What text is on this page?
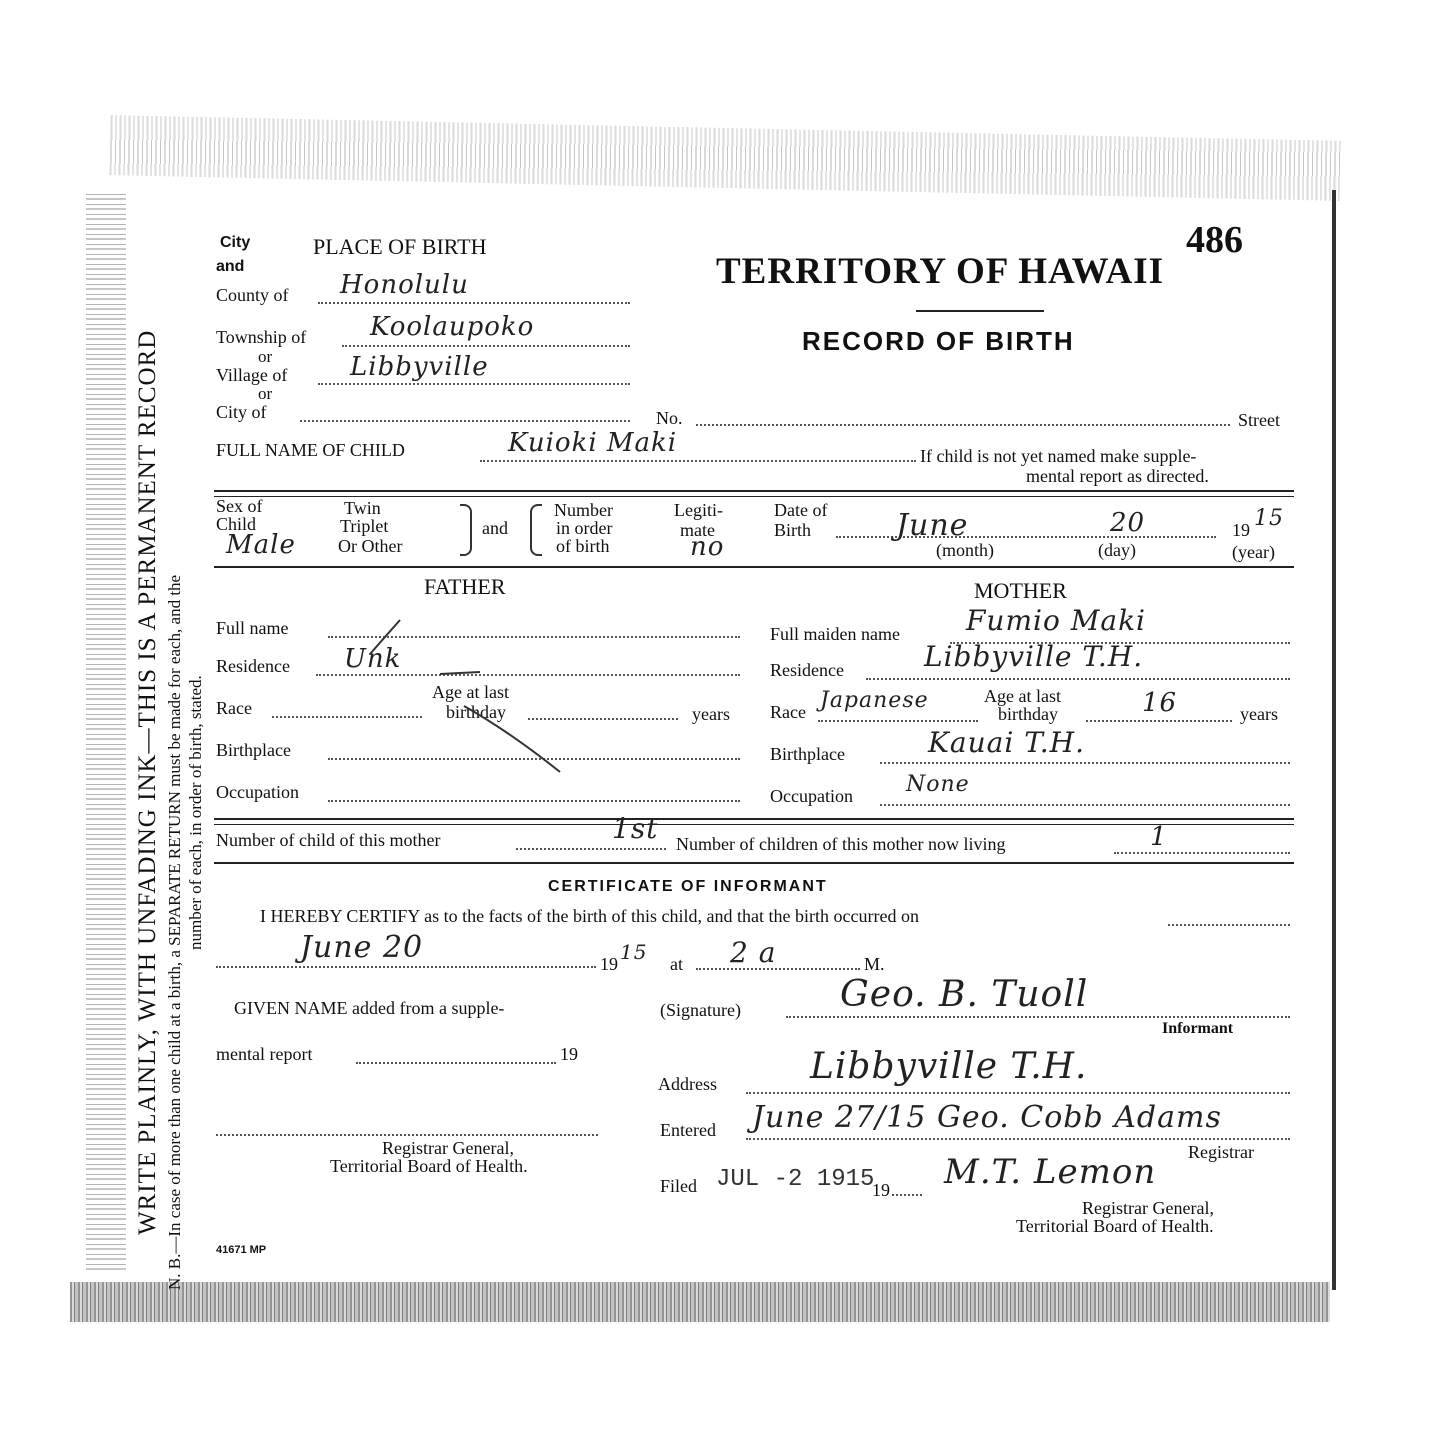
WRITE PLAINLY, WITH UNFADING INK—THIS IS A PERMANENT RECORD N. B.—In case of more than one child at a birth, a SEPARATE RETURN must be made for each, and the number of each, in order of birth, stated.
486
TERRITORY OF HAWAII
RECORD OF BIRTH
City
and
PLACE OF BIRTH
County of Honolulu
Township of Koolaupoko
or
Village of Libbyville
or
City of	No.	Street
FULL NAME OF CHILD	Kuioki Maki	If child is not yet named make supple-
mental report as directed.
Sex of
Child
Male
Twin
Triplet
Or Other
and
Number
in order
of birth
Legiti-
mate
no
Date of
Birth	June	20	19 15
(month)	(day)	(year)
FATHER	MOTHER
Full name
Residence Unk
Race
Age at last
birthday	years
Birthplace
Occupation
Full maiden name Fumio Maki
Residence	Libbyville T.H.
Race Japanese	Age at last
birthday	16	years
Birthplace	Kauai T.H.
Occupation None
Number of child of this mother	1st Number of children of this mother now living	1
CERTIFICATE OF INFORMANT
I HEREBY CERTIFY as to the facts of the birth of this child, and that the birth occurred on
June 20	19 15 at 2 a	M.
GIVEN NAME added from a supple-
mental report	19
Registrar General,
Territorial Board of Health.
(Signature)	Geo. B. Tuoll
Informant
Address	Libbyville T.H.
Entered June 27/15 Geo. Cobb Adams
Registrar
Filed JUL -2 1915
19 M.T. Lemon
Registrar General,
Territorial Board of Health.
41671 MP
